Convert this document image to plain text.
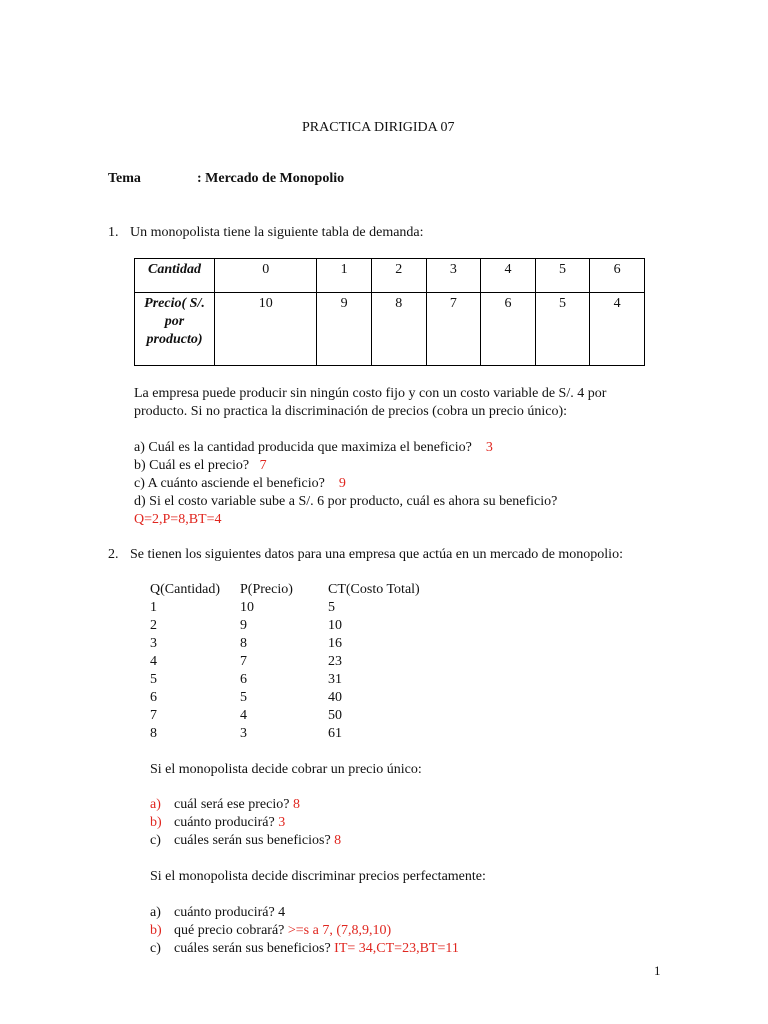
PRACTICA DIRIGIDA 07
Tema	: Mercado de Monopolio
1. Un monopolista tiene la siguiente tabla de demanda:
Cantidad	0	1	2	3	4	5	6

Precio( S/.
por
producto)	10	9	8	7	6	5	4
La empresa puede producir sin ningún costo fijo y con un costo variable de S/. 4 por
producto. Si no practica la discriminación de precios (cobra un precio único):
a) Cuál es la cantidad producida que maximiza el beneficio? 3
b) Cuál es el precio? 7
c) A cuánto asciende el beneficio? 9
d) Si el costo variable sube a S/. 6 por producto, cuál es ahora su beneficio?
Q=2,P=8,BT=4
2. Se tienen los siguientes datos para una empresa que actúa en un mercado de monopolio:
Q(Cantidad) P(Precio)	CT(Costo Total)
1	10	5
2	9	10
3	8	16
4	7	23
5	6	31
6	5	40
7	4	50
8	3	61
Si el monopolista decide cobrar un precio único:
a) cuál será ese precio? 8
b) cuánto producirá? 3
c) cuáles serán sus beneficios? 8
Si el monopolista decide discriminar precios perfectamente:
a) cuánto producirá? 4
b) qué precio cobrará? >=s a 7, (7,8,9,10)
c) cuáles serán sus beneficios? IT= 34,CT=23,BT=11
1
